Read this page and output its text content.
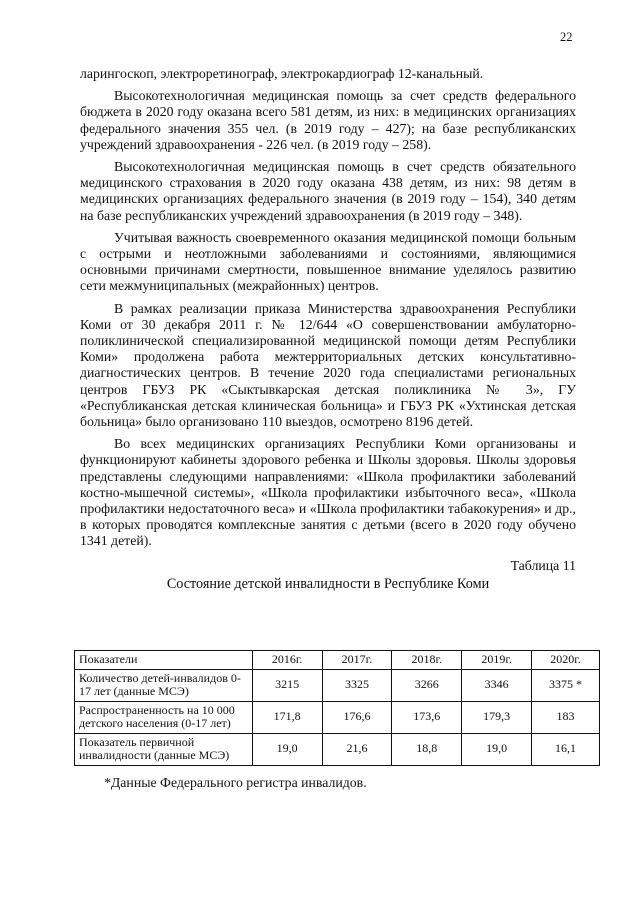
22

ларингоскоп, электроретинограф, электрокардиограф 12-канальный.

Высокотехнологичная медицинская помощь за счет средств федерального бюджета в 2020 году оказана всего 581 детям, из них: в медицинских организациях федерального значения 355 чел. (в 2019 году – 427); на базе республиканских учреждений здравоохранения - 226 чел. (в 2019 году – 258).

Высокотехнологичная медицинская помощь в счет средств обязательного медицинского страхования в 2020 году оказана 438 детям, из них: 98 детям в медицинских организациях федерального значения (в 2019 году – 154), 340 детям на базе республиканских учреждений здравоохранения (в 2019 году – 348).

Учитывая важность своевременного оказания медицинской помощи больным с острыми и неотложными заболеваниями и состояниями, являющимися основными причинами смертности, повышенное внимание уделялось развитию сети межмуниципальных (межрайонных) центров.

В рамках реализации приказа Министерства здравоохранения Республики Коми от 30 декабря 2011 г. № 12/644 «О совершенствовании амбулаторно-поликлинической специализированной медицинской помощи детям Республики Коми» продолжена работа межтерриториальных детских консультативно-диагностических центров. В течение 2020 года специалистами региональных центров ГБУЗ РК «Сыктывкарская детская поликлиника № 3», ГУ «Республиканская детская клиническая больница» и ГБУЗ РК «Ухтинская детская больница» было организовано 110 выездов, осмотрено 8196 детей.

Во всех медицинских организациях Республики Коми организованы и функционируют кабинеты здорового ребенка и Школы здоровья. Школы здоровья представлены следующими направлениями: «Школа профилактики заболеваний костно-мышечной системы», «Школа профилактики избыточного веса», «Школа профилактики недостаточного веса» и «Школа профилактики табакокурения» и др., в которых проводятся комплексные занятия с детьми (всего в 2020 году обучено 1341 детей).

Таблица 11
Состояние детской инвалидности в Республике Коми
Показатели	2016г.	2017г.	2018г.	2019г.	2020г.
Количество детей-инвалидов 0-17 лет (данные МСЭ)	3215	3325	3266	3346	3375 *
Распространенность на 10 000 детского населения (0-17 лет)	171,8	176,6	173,6	179,3	183
Показатель первичной инвалидности (данные МСЭ)	19,0	21,6	18,8	19,0	16,1
*Данные Федерального регистра инвалидов.
